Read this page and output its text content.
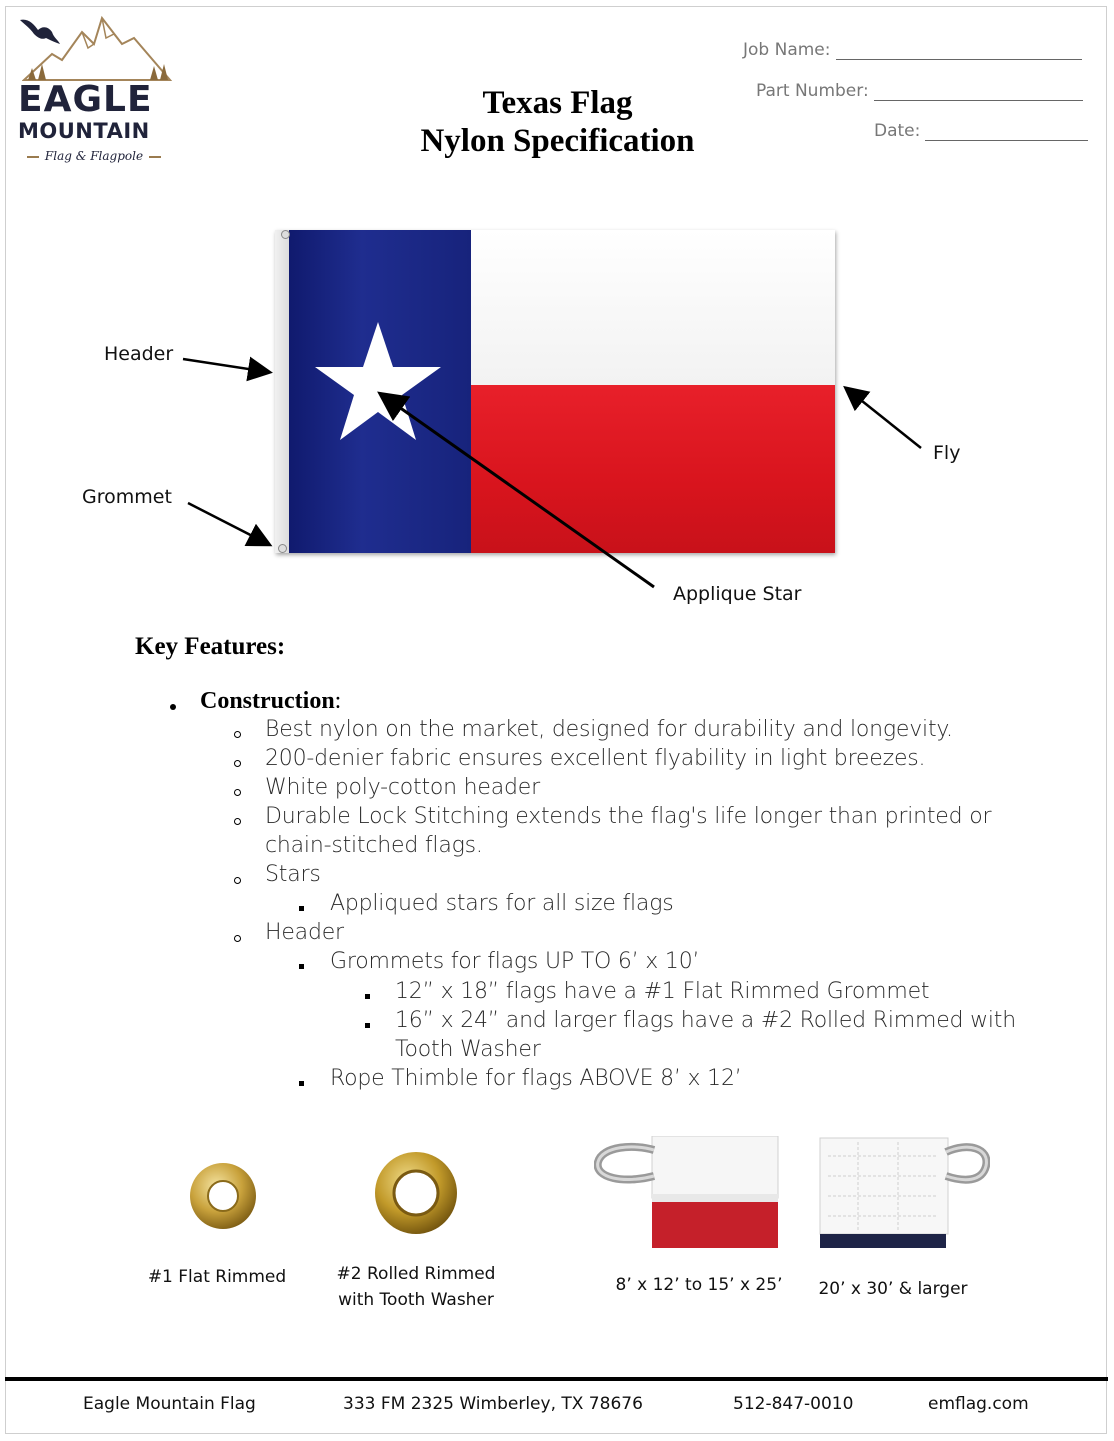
EAGLE
MOUNTAIN
Flag & Flagpole
Texas Flag
Nylon Specification
Job Name:
Part Number:
Date:
Header
Grommet
Fly
Applique Star
Key Features:
Construction:
Best nylon on the market, designed for durability and longevity.
200-denier fabric ensures excellent flyability in light breezes.
White poly-cotton header
Durable Lock Stitching extends the flag's life longer than printed or
chain-stitched flags.
Stars
Appliqued stars for all size flags
Header
Grommets for flags UP TO 6’ x 10’
12” x 18” flags have a #1 Flat Rimmed Grommet
16” x 24” and larger flags have a #2 Rolled Rimmed with
Tooth Washer
Rope Thimble for flags ABOVE 8’ x 12’
#1 Flat Rimmed	#2 Rolled Rimmed
with Tooth Washer
8’ x 12’ to 15’ x 25’	20’ x 30’ & larger
Eagle Mountain Flag	333 FM 2325 Wimberley, TX 78676	512-847-0010	emflag.com
